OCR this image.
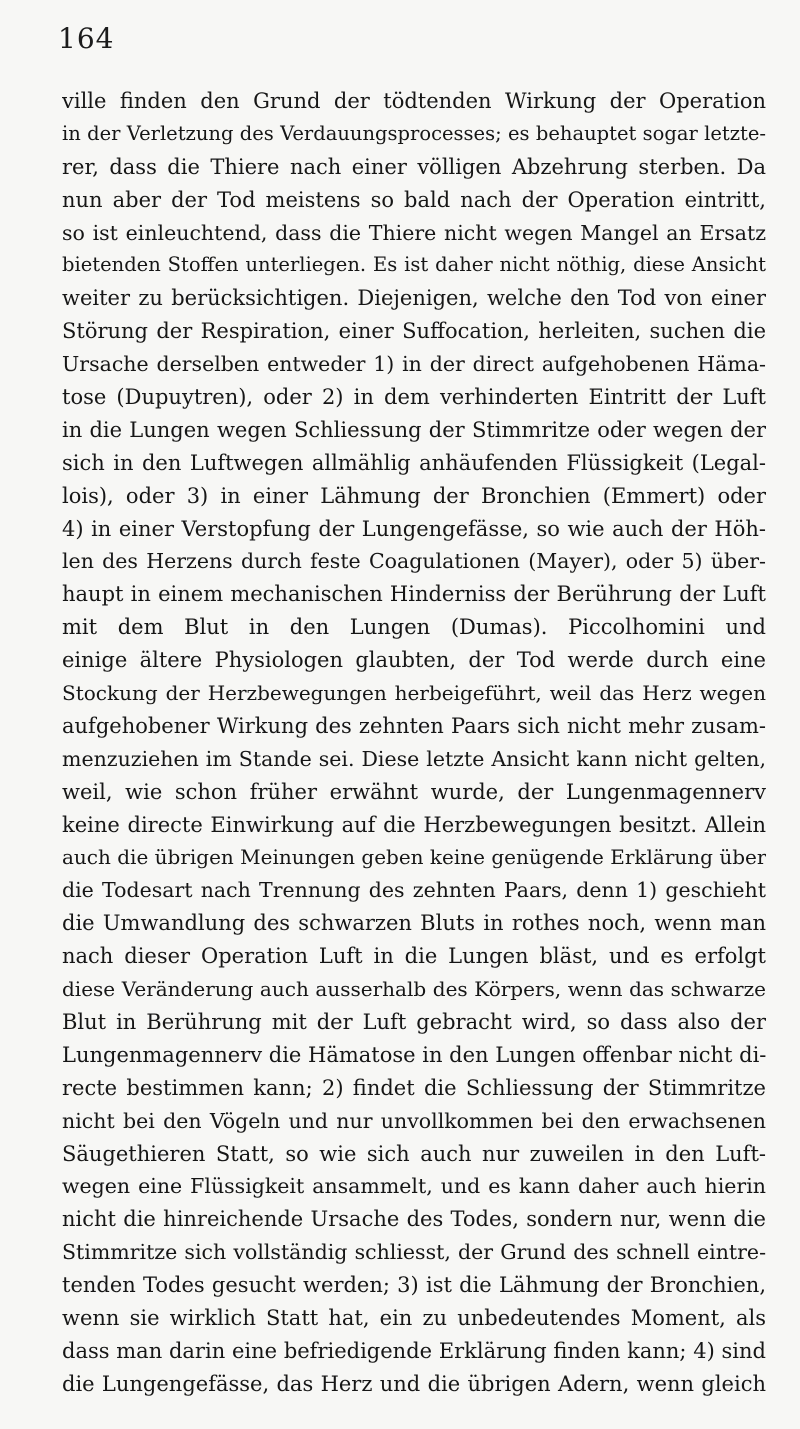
164
ville finden den Grund der tödtenden Wirkung der Operation
in der Verletzung des Verdauungsprocesses; es behauptet sogar letzte-
rer, dass die Thiere nach einer völligen Abzehrung sterben. Da
nun aber der Tod meistens so bald nach der Operation eintritt,
so ist einleuchtend, dass die Thiere nicht wegen Mangel an Ersatz
bietenden Stoffen unterliegen. Es ist daher nicht nöthig, diese Ansicht
weiter zu berücksichtigen. Diejenigen, welche den Tod von einer
Störung der Respiration, einer Suffocation, herleiten, suchen die
Ursache derselben entweder 1) in der direct aufgehobenen Häma-
tose (Dupuytren), oder 2) in dem verhinderten Eintritt der Luft
in die Lungen wegen Schliessung der Stimmritze oder wegen der
sich in den Luftwegen allmählig anhäufenden Flüssigkeit (Legal-
lois), oder 3) in einer Lähmung der Bronchien (Emmert) oder
4) in einer Verstopfung der Lungengefässe, so wie auch der Höh-
len des Herzens durch feste Coagulationen (Mayer), oder 5) über-
haupt in einem mechanischen Hinderniss der Berührung der Luft
mit dem Blut in den Lungen (Dumas). Piccolhomini und
einige ältere Physiologen glaubten, der Tod werde durch eine
Stockung der Herzbewegungen herbeigeführt, weil das Herz wegen
aufgehobener Wirkung des zehnten Paars sich nicht mehr zusam-
menzuziehen im Stande sei. Diese letzte Ansicht kann nicht gelten,
weil, wie schon früher erwähnt wurde, der Lungenmagennerv
keine directe Einwirkung auf die Herzbewegungen besitzt. Allein
auch die übrigen Meinungen geben keine genügende Erklärung über
die Todesart nach Trennung des zehnten Paars, denn 1) geschieht
die Umwandlung des schwarzen Bluts in rothes noch, wenn man
nach dieser Operation Luft in die Lungen bläst, und es erfolgt
diese Veränderung auch ausserhalb des Körpers, wenn das schwarze
Blut in Berührung mit der Luft gebracht wird, so dass also der
Lungenmagennerv die Hämatose in den Lungen offenbar nicht di-
recte bestimmen kann; 2) findet die Schliessung der Stimmritze
nicht bei den Vögeln und nur unvollkommen bei den erwachsenen
Säugethieren Statt, so wie sich auch nur zuweilen in den Luft-
wegen eine Flüssigkeit ansammelt, und es kann daher auch hierin
nicht die hinreichende Ursache des Todes, sondern nur, wenn die
Stimmritze sich vollständig schliesst, der Grund des schnell eintre-
tenden Todes gesucht werden; 3) ist die Lähmung der Bronchien,
wenn sie wirklich Statt hat, ein zu unbedeutendes Moment, als
dass man darin eine befriedigende Erklärung finden kann; 4) sind
die Lungengefässe, das Herz und die übrigen Adern, wenn gleich
